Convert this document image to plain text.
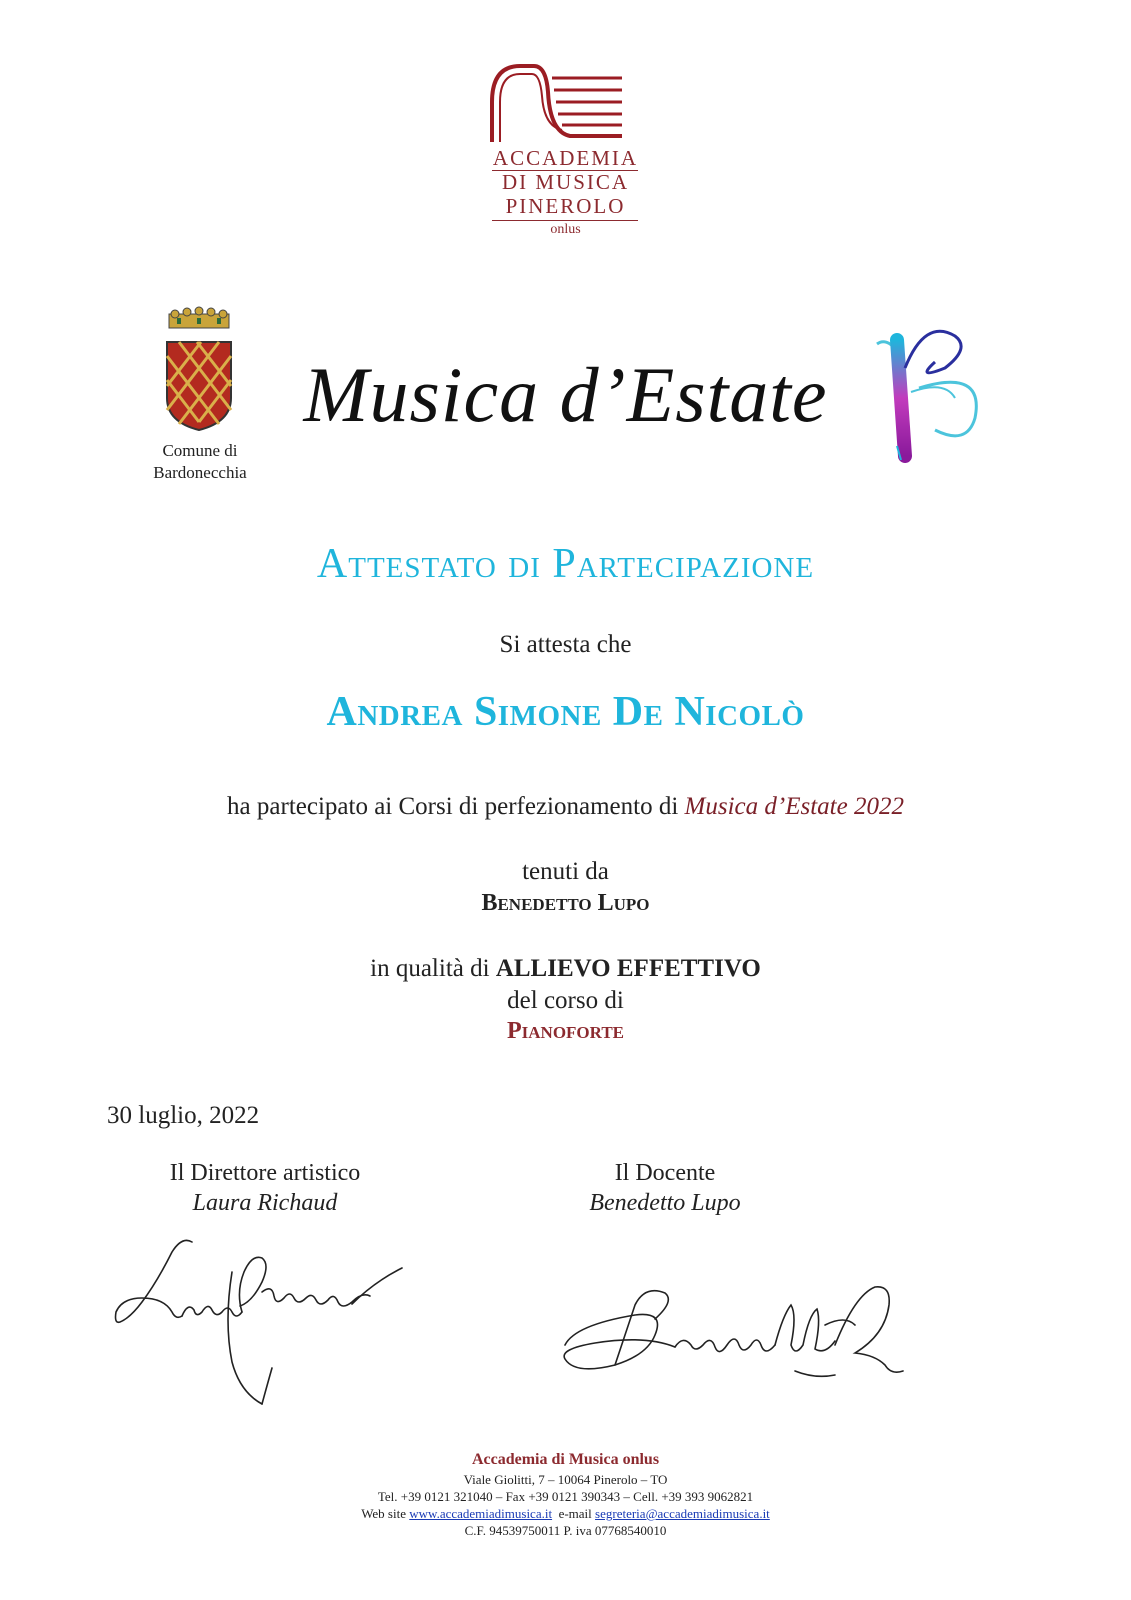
ACCADEMIA
DI MUSICA
PINEROLO
onlus
Comune di
Bardonecchia
Musica d’Estate
Attestato di Partecipazione
Si attesta che
Andrea Simone De Nicolò
ha partecipato ai Corsi di perfezionamento di Musica d’Estate 2022
tenuti da
Benedetto Lupo
in qualità di ALLIEVO EFFETTIVO
del corso di
Pianoforte
30 luglio, 2022
Il Direttore artistico
Laura Richaud
Il Docente
Benedetto Lupo
Accademia di Musica onlus
Viale Giolitti, 7 – 10064 Pinerolo – TO
Tel. +39 0121 321040 – Fax +39 0121 390343 – Cell. +39 393 9062821
Web site www.accademiadimusica.it  e-mail segreteria@accademiadimusica.it
C.F. 94539750011 P. iva 07768540010
